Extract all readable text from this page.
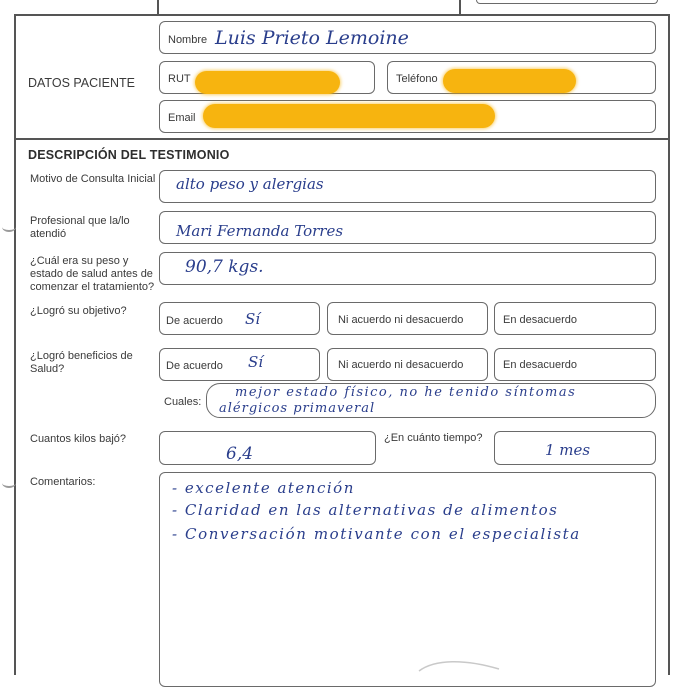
DATOS PACIENTE
Nombre Luis Prieto Lemoine
RUT	Teléfono
Email
DESCRIPCIÓN DEL TESTIMONIO
Motivo de Consulta Inicial alto peso y alergias
Profesional que la/lo
atendió	Mari Fernanda Torres
¿Cuál era su peso y
estado de salud antes de
comenzar el tratamiento?
90,7 kgs.
¿Logró su objetivo?
De acuerdo Sí	Ni acuerdo ni desacuerdo	En desacuerdo
¿Logró beneficios de
Salud?	De acuerdo Sí	Ni acuerdo ni desacuerdo	En desacuerdo
Cuales:
mejor estado físico, no he tenido síntomas
alérgicos primaveral
Cuantos kilos bajó?
6,4
¿En cuánto tiempo?
1 mes
Comentarios:	- excelente atención
- Claridad en las alternativas de alimentos
- Conversación motivante con el especialista
